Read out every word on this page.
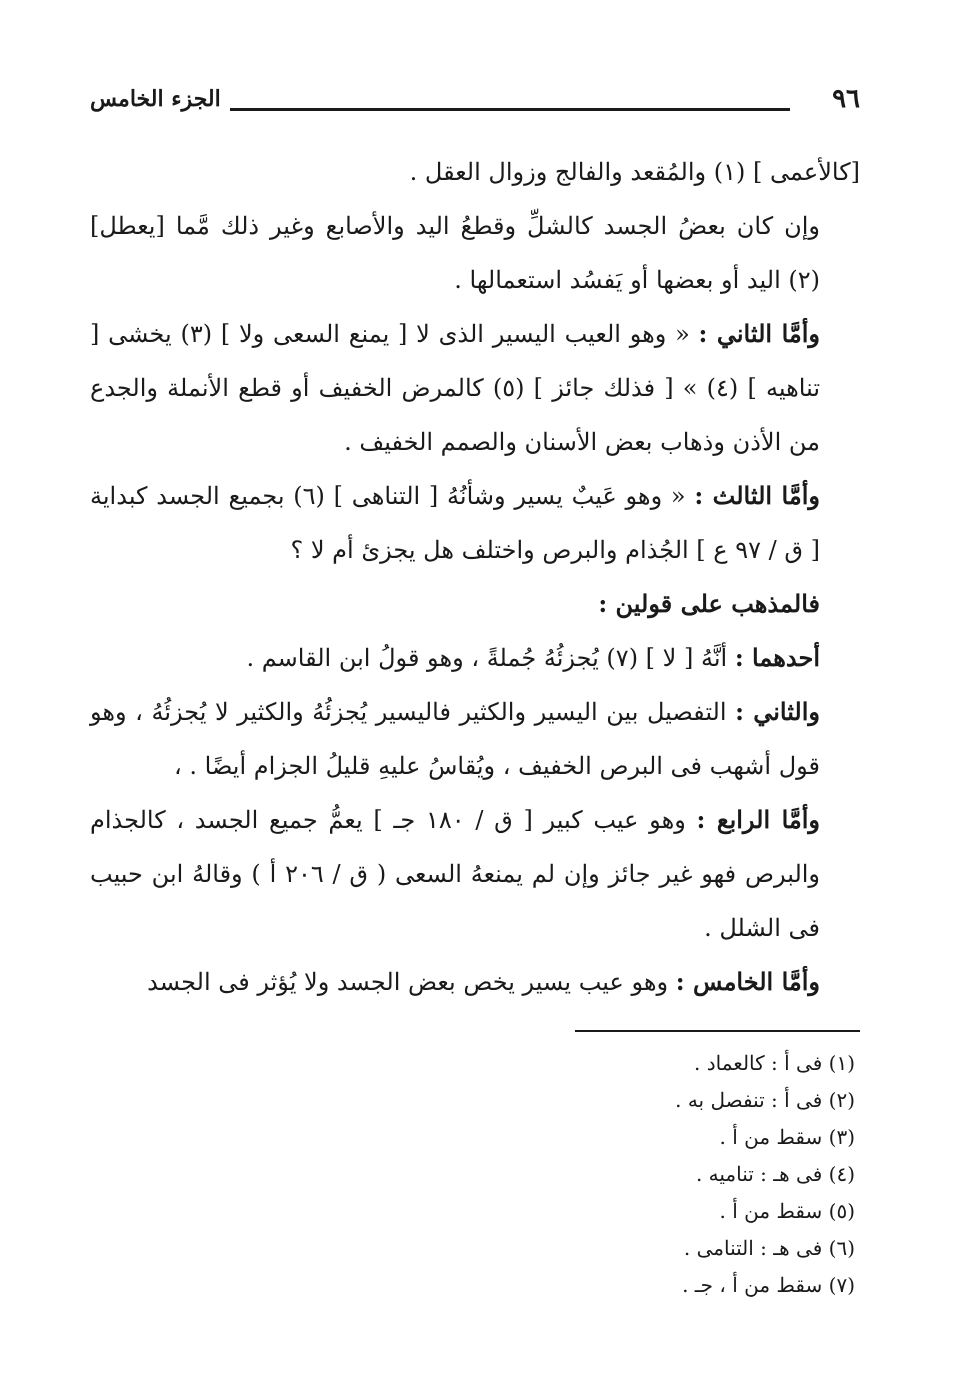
٩٦
الجزء الخامس

[كالأعمى ] (١) والمُقعد والفالج وزوال العقل .

وإن كان بعضُ الجسد كالشلِّ وقطعُ اليد والأصابع وغير ذلك مَّما [يعطل] (٢) اليد أو بعضها أو يَفسُد استعمالها .

وأمَّا الثاني : « وهو العيب اليسير الذى لا [ يمنع السعى ولا ] (٣) يخشى [ تناهيه ] (٤) » [ فذلك جائز ] (٥) كالمرض الخفيف أو قطع الأنملة والجدع من الأذن وذهاب بعض الأسنان والصمم الخفيف .

وأمَّا الثالث : « وهو عَيبٌ يسير وشأنُهُ [ التناهى ] (٦) بجميع الجسد كبداية [ ق / ٩٧ ع ] الجُذام والبرص واختلف هل يجزئ أم لا ؟

فالمذهب على قولين :

أحدهما : أنَّهُ [ لا ] (٧) يُجزئُهُ جُملةً ، وهو قولُ ابن القاسم .

والثاني : التفصيل بين اليسير والكثير فاليسير يُجزئُهُ والكثير لا يُجزئُهُ ، وهو قول أشهب فى البرص الخفيف ، ويُقاسُ عليهِ قليلُ الجزام أيضًا . ،

وأمَّا الرابع : وهو عيب كبير [ ق / ١٨٠ جـ ] يعمُّ جميع الجسد ، كالجذام والبرص فهو غير جائز وإن لم يمنعهُ السعى ( ق / ٢٠٦ أ ) وقالهُ ابن حبيب فى الشلل .

وأمَّا الخامس : وهو عيب يسير يخص بعض الجسد ولا يُؤثر فى الجسد

(١) فى أ : كالعماد .
(٢) فى أ : تنفصل به .
(٣) سقط من أ .
(٤) فى هـ : تناميه .
(٥) سقط من أ .
(٦) فى هـ : التنامى .
(٧) سقط من أ ، جـ .
